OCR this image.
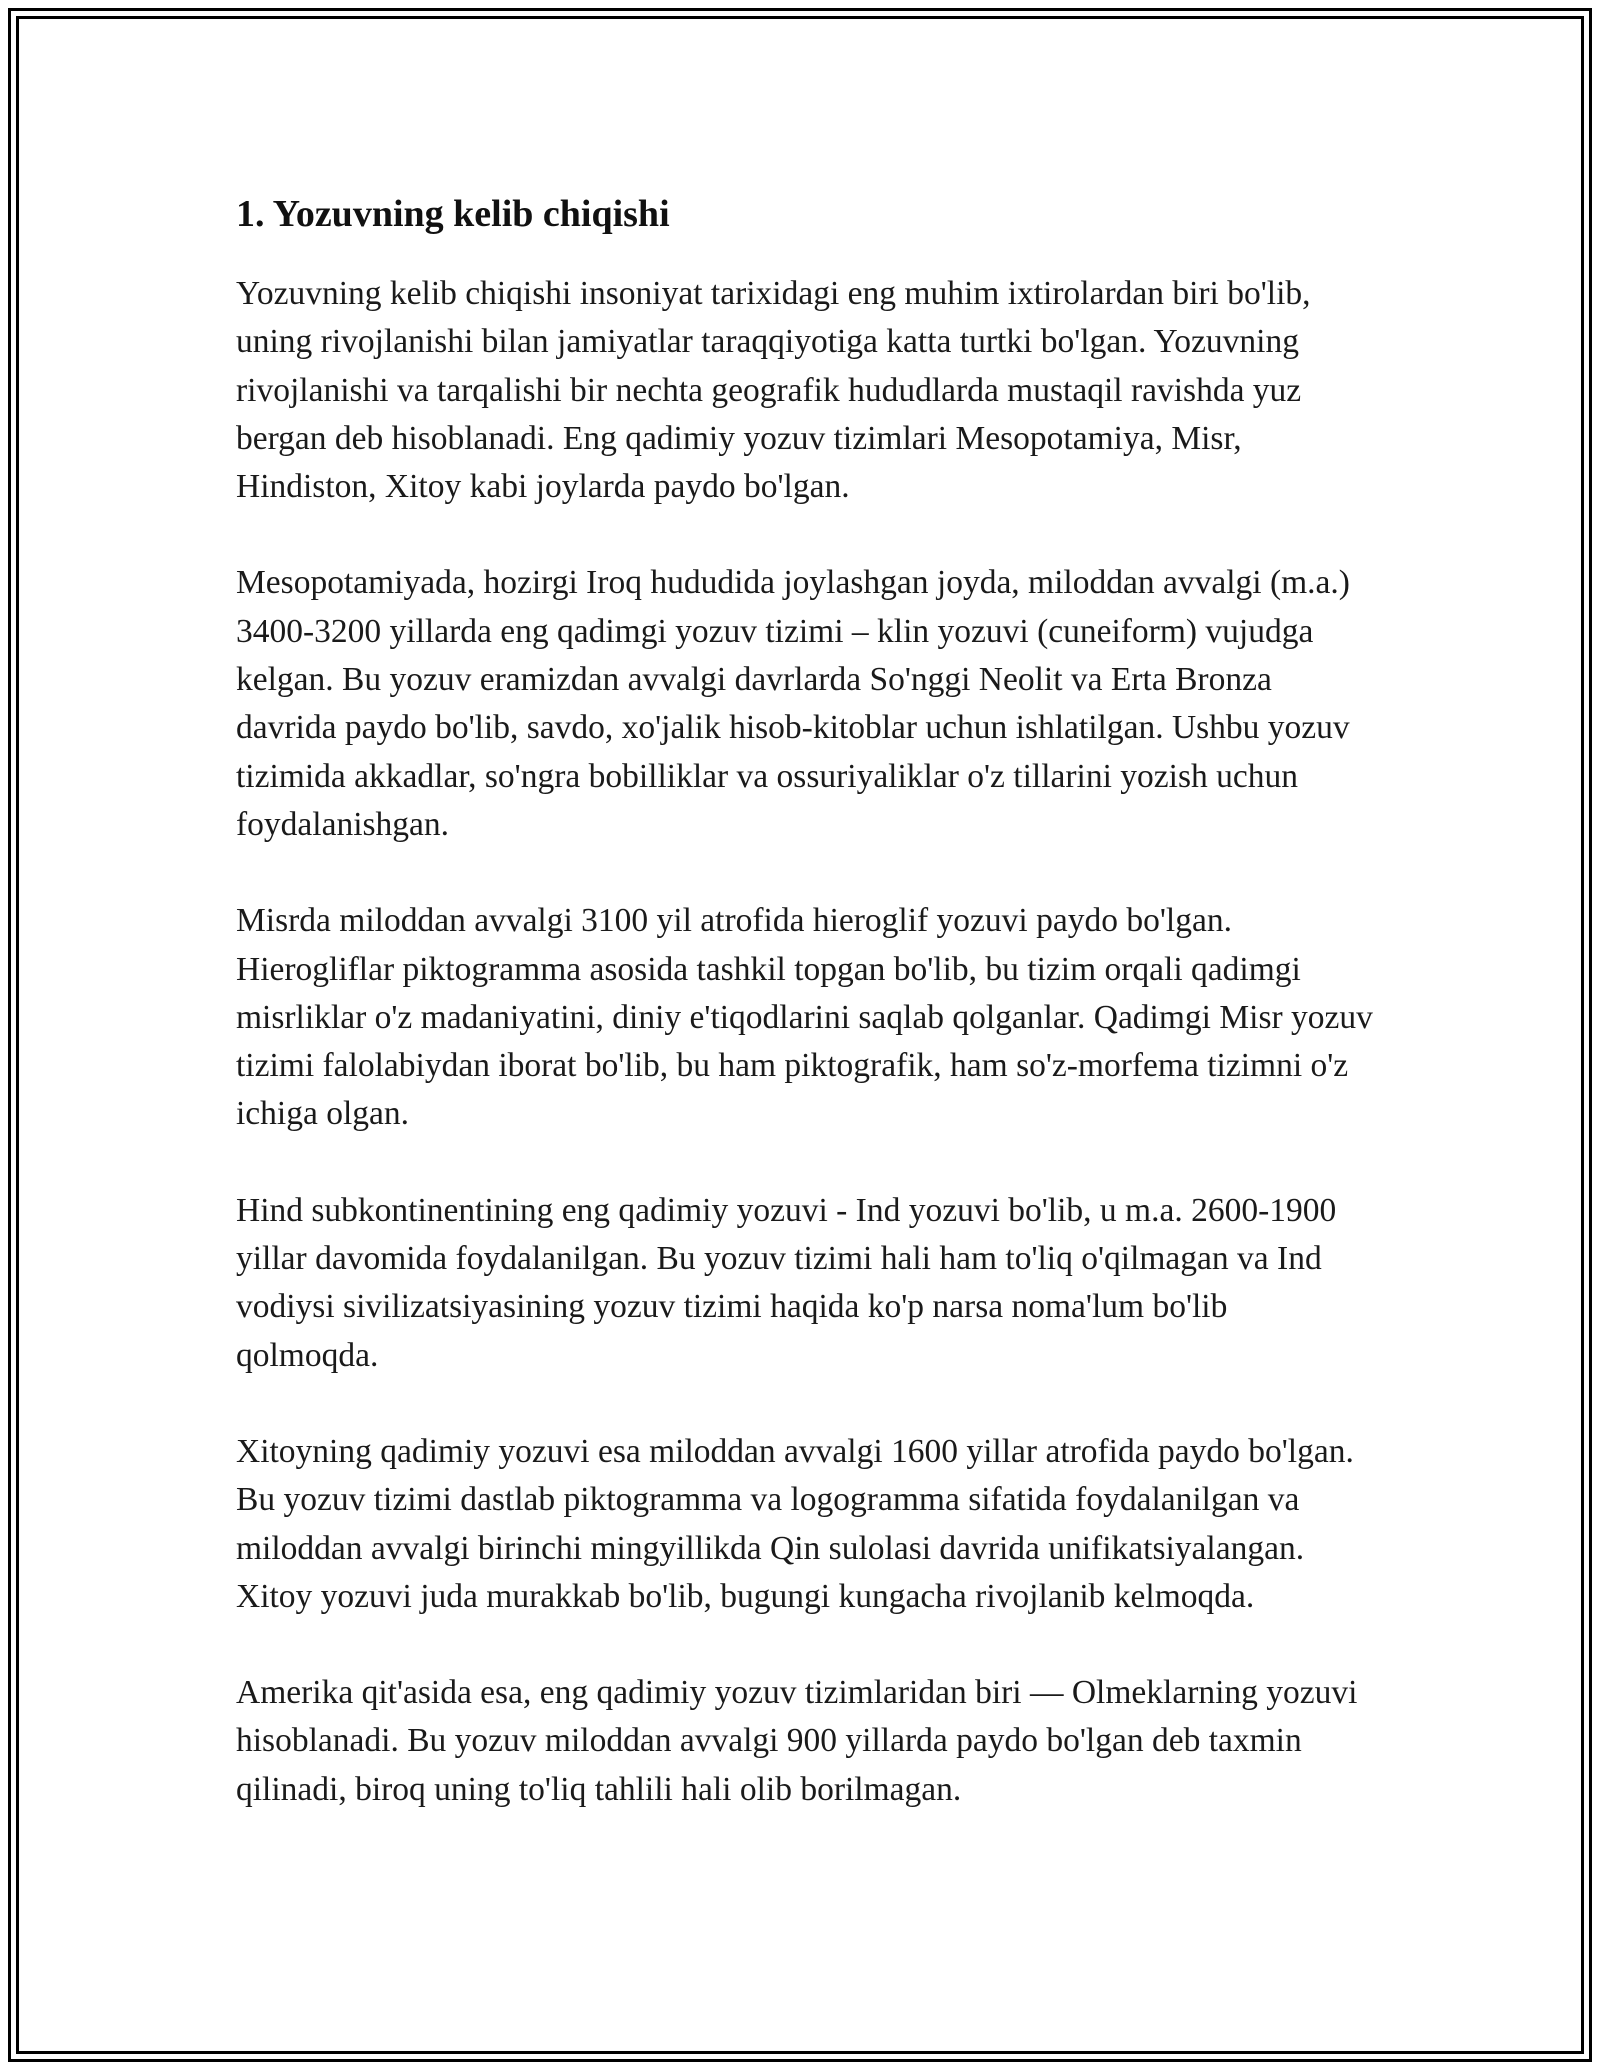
1. Yozuvning kelib chiqishi

Yozuvning kelib chiqishi insoniyat tarixidagi eng muhim ixtirolardan biri bo'lib, uning rivojlanishi bilan jamiyatlar taraqqiyotiga katta turtki bo'lgan. Yozuvning rivojlanishi va tarqalishi bir nechta geografik hududlarda mustaqil ravishda yuz bergan deb hisoblanadi. Eng qadimiy yozuv tizimlari Mesopotamiya, Misr, Hindiston, Xitoy kabi joylarda paydo bo'lgan.

Mesopotamiyada, hozirgi Iroq hududida joylashgan joyda, miloddan avvalgi (m.a.) 3400-3200 yillarda eng qadimgi yozuv tizimi – klin yozuvi (cuneiform) vujudga kelgan. Bu yozuv eramizdan avvalgi davrlarda So'nggi Neolit va Erta Bronza davrida paydo bo'lib, savdo, xo'jalik hisob-kitoblar uchun ishlatilgan. Ushbu yozuv tizimida akkadlar, so'ngra bobilliklar va ossuriyaliklar o'z tillarini yozish uchun foydalanishgan.

Misrda miloddan avvalgi 3100 yil atrofida hieroglif yozuvi paydo bo'lgan. Hierogliflar piktogramma asosida tashkil topgan bo'lib, bu tizim orqali qadimgi misrliklar o'z madaniyatini, diniy e'tiqodlarini saqlab qolganlar. Qadimgi Misr yozuv tizimi falolabiydan iborat bo'lib, bu ham piktografik, ham so'z-morfema tizimni o'z ichiga olgan.

Hind subkontinentining eng qadimiy yozuvi - Ind yozuvi bo'lib, u m.a. 2600-1900 yillar davomida foydalanilgan. Bu yozuv tizimi hali ham to'liq o'qilmagan va Ind vodiysi sivilizatsiyasining yozuv tizimi haqida ko'p narsa noma'lum bo'lib qolmoqda.

Xitoyning qadimiy yozuvi esa miloddan avvalgi 1600 yillar atrofida paydo bo'lgan. Bu yozuv tizimi dastlab piktogramma va logogramma sifatida foydalanilgan va miloddan avvalgi birinchi mingyillikda Qin sulolasi davrida unifikatsiyalangan. Xitoy yozuvi juda murakkab bo'lib, bugungi kungacha rivojlanib kelmoqda.

Amerika qit'asida esa, eng qadimiy yozuv tizimlaridan biri — Olmeklarning yozuvi hisoblanadi. Bu yozuv miloddan avvalgi 900 yillarda paydo bo'lgan deb taxmin qilinadi, biroq uning to'liq tahlili hali olib borilmagan.
